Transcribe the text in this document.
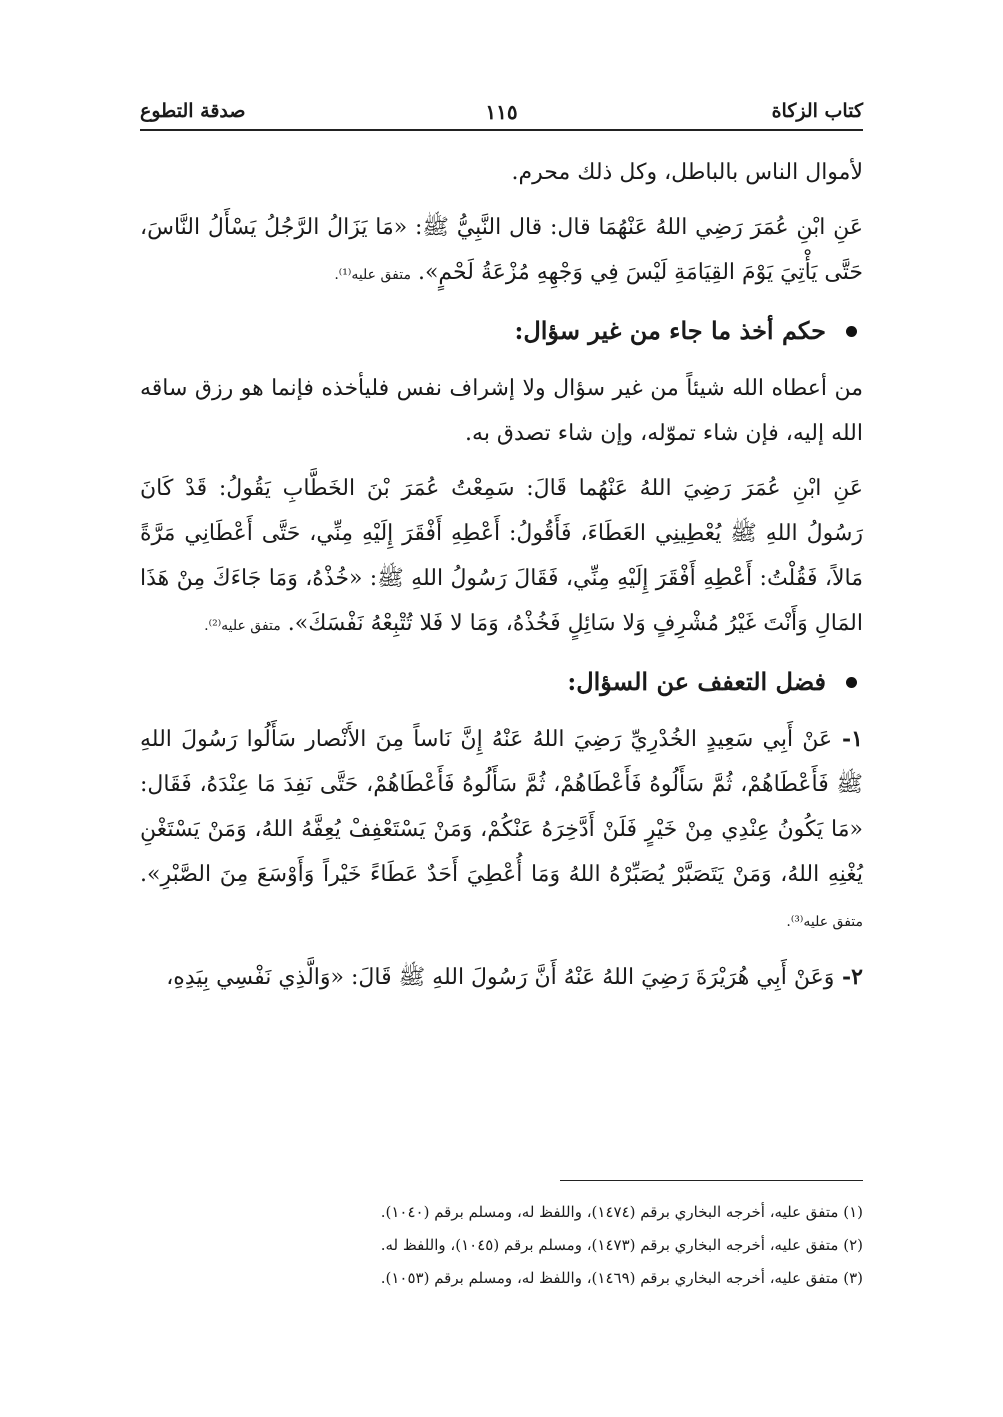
كتاب الزكاة
١١٥
صدقة التطوع

لأموال الناس بالباطل، وكل ذلك محرم.

عَنِ ابْنِ عُمَرَ رَضِي اللهُ عَنْهُمَا قال: قال النَّبِيُّ ﷺ: «مَا يَزَالُ الرَّجُلُ يَسْأَلُ النَّاسَ، حَتَّى يَأْتِيَ يَوْمَ القِيَامَةِ لَيْسَ فِي وَجْهِهِ مُزْعَةُ لَحْمٍ». متفق عليه⁽¹⁾.

حكم أخذ ما جاء من غير سؤال:

من أعطاه الله شيئاً من غير سؤال ولا إشراف نفس فليأخذه فإنما هو رزق ساقه الله إليه، فإن شاء تموّله، وإن شاء تصدق به.

عَنِ ابْنِ عُمَرَ رَضِيَ اللهُ عَنْهُما قَالَ: سَمِعْتُ عُمَرَ بْنَ الخَطَّابِ يَقُولُ: قَدْ كَانَ رَسُولُ اللهِ ﷺ يُعْطِينِي العَطَاءَ، فَأَقُولُ: أَعْطِهِ أَفْقَرَ إِلَيْهِ مِنِّي، حَتَّى أَعْطَانِي مَرَّةً مَالاً، فَقُلْتُ: أَعْطِهِ أَفْقَرَ إِلَيْهِ مِنِّي، فَقَالَ رَسُولُ اللهِ ﷺ: «خُذْهُ، وَمَا جَاءَكَ مِنْ هَذَا المَالِ وَأَنْتَ غَيْرُ مُشْرِفٍ وَلا سَائِلٍ فَخُذْهُ، وَمَا لا فَلا تُتْبِعْهُ نَفْسَكَ». متفق عليه⁽²⁾.

فضل التعفف عن السؤال:

١- عَنْ أَبِي سَعِيدٍ الخُدْرِيِّ رَضِيَ اللهُ عَنْهُ إِنَّ نَاساً مِنَ الأَنْصار سَأَلُوا رَسُولَ اللهِ ﷺ فَأَعْطَاهُمْ، ثُمَّ سَأَلُوهُ فَأَعْطَاهُمْ، ثُمَّ سَأَلُوهُ فَأَعْطَاهُمْ، حَتَّى نَفِدَ مَا عِنْدَهُ، فَقَال: «مَا يَكُونُ عِنْدِي مِنْ خَيْرٍ فَلَنْ أَدَّخِرَهُ عَنْكُمْ، وَمَنْ يَسْتَعْفِفْ يُعِفَّهُ اللهُ، وَمَنْ يَسْتَغْنِ يُغْنِهِ اللهُ، وَمَنْ يَتَصَبَّرْ يُصَبِّرْهُ اللهُ وَمَا أُعْطِيَ أَحَدٌ عَطَاءً خَيْراً وَأَوْسَعَ مِنَ الصَّبْرِ». متفق عليه⁽³⁾.

٢- وَعَنْ أَبِي هُرَيْرَةَ رَضِيَ اللهُ عَنْهُ أَنَّ رَسُولَ اللهِ ﷺ قَالَ: «وَالَّذِي نَفْسِي بِيَدِهِ،

(١) متفق عليه، أخرجه البخاري برقم (١٤٧٤)، واللفظ له، ومسلم برقم (١٠٤٠).
(٢) متفق عليه، أخرجه البخاري برقم (١٤٧٣)، ومسلم برقم (١٠٤٥)، واللفظ له.
(٣) متفق عليه، أخرجه البخاري برقم (١٤٦٩)، واللفظ له، ومسلم برقم (١٠٥٣).
